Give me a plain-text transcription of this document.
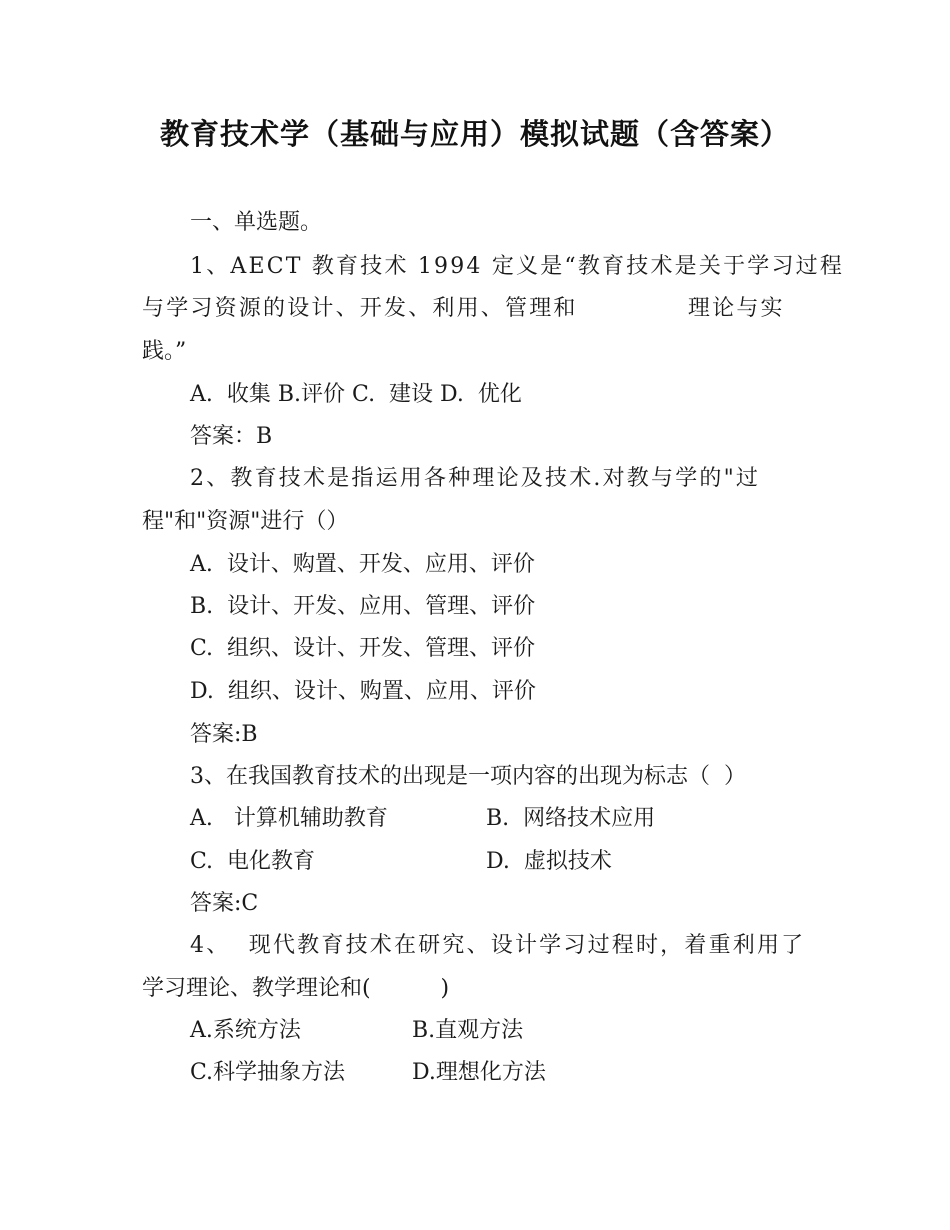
教育技术学（基础与应用）模拟试题（含答案）
一、单选题。
1、AECT 教育技术 1994 定义是“教育技术是关于学习过程
与学习资源的设计、开发、利用、管理和            理论与实
践。”
A.  收集 B.评价 C.  建设 D.  优化
答案：B
2、教育技术是指运用各种理论及技术.对教与学的"过
程"和"资源"进行（）
A.  设计、购置、开发、应用、评价
B.  设计、开发、应用、管理、评价
C.  组织、设计、开发、管理、评价
D.  组织、设计、购置、应用、评价
答案:B
3、在我国教育技术的出现是一项内容的出现为标志（  ）
A.   计算机辅助教育	B.  网络技术应用
C.  电化教育	D.  虚拟技术
答案:C
4、  现代教育技术在研究、设计学习过程时，着重利用了
学习理论、教学理论和(          )
A.系统方法	B.直观方法
C.科学抽象方法	D.理想化方法
